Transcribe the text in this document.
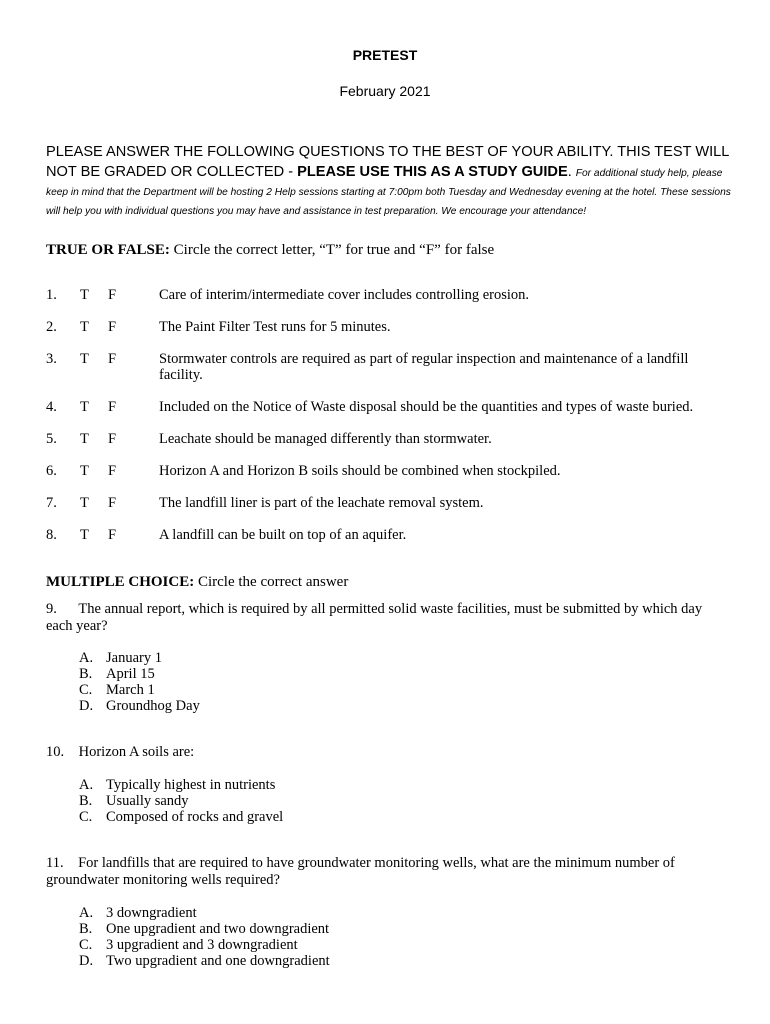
PRETEST
February 2021
PLEASE ANSWER THE FOLLOWING QUESTIONS TO THE BEST OF YOUR ABILITY. THIS TEST WILL NOT BE GRADED OR COLLECTED - PLEASE USE THIS AS A STUDY GUIDE. For additional study help, please keep in mind that the Department will be hosting 2 Help sessions starting at 7:00pm both Tuesday and Wednesday evening at the hotel. These sessions will help you with individual questions you may have and assistance in test preparation. We encourage your attendance!
TRUE OR FALSE: Circle the correct letter, “T” for true and “F” for false
1. T F	Care of interim/intermediate cover includes controlling erosion.
2. T F	The Paint Filter Test runs for 5 minutes.
3. T F	Stormwater controls are required as part of regular inspection and maintenance of a landfill facility.
4. T F	Included on the Notice of Waste disposal should be the quantities and types of waste buried.
5. T F	Leachate should be managed differently than stormwater.
6. T F	Horizon A and Horizon B soils should be combined when stockpiled.
7. T F	The landfill liner is part of the leachate removal system.
8. T F	A landfill can be built on top of an aquifer.
MULTIPLE CHOICE: Circle the correct answer
9.      The annual report, which is required by all permitted solid waste facilities, must be submitted by which day each year?
A. January 1
B. April 15
C. March 1
D. Groundhog Day
10.    Horizon A soils are:
A. Typically highest in nutrients
B. Usually sandy
C. Composed of rocks and gravel
11.    For landfills that are required to have groundwater monitoring wells, what are the minimum number of groundwater monitoring wells required?
A. 3 downgradient
B. One upgradient and two downgradient
C. 3 upgradient and 3 downgradient
D. Two upgradient and one downgradient
